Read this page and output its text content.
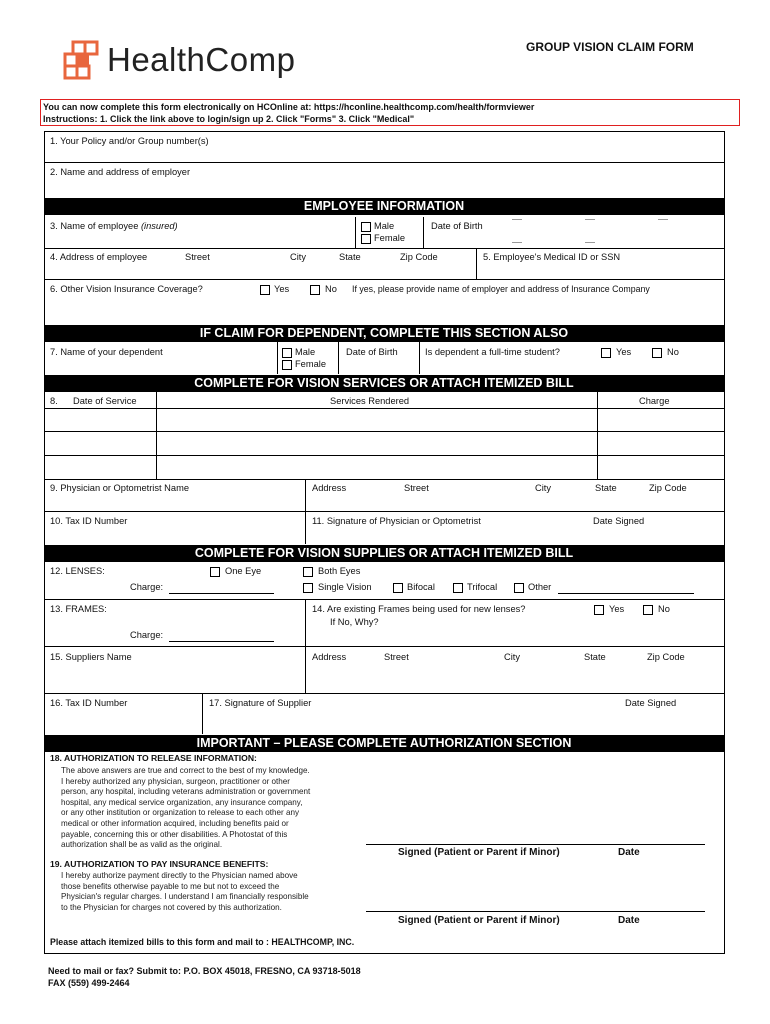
HealthComp	GROUP VISION CLAIM FORM
You can now complete this form electronically on HCOnline at: https://hconline.healthcomp.com/health/formviewer
Instructions: 1. Click the link above to login/sign up 2. Click "Forms" 3. Click "Medical"
1. Your Policy and/or Group number(s)
2. Name and address of employer
EMPLOYEE INFORMATION
3. Name of employee (insured)	Male
Female
Date of Birth
4. Address of employee	Street	City	State	Zip Code	5. Employee's Medical ID or SSN
6. Other Vision Insurance Coverage?	Yes	No If yes, please provide name of employer and address of Insurance Company
IF CLAIM FOR DEPENDENT, COMPLETE THIS SECTION ALSO
7. Name of your dependent	Male
Female
Date of Birth	Is dependent a full-time student?	Yes	No
COMPLETE FOR VISION SERVICES OR ATTACH ITEMIZED BILL
8. Date of Service	Services Rendered	Charge
9. Physician or Optometrist Name	Address	Street	City	State	Zip Code
10. Tax ID Number	11. Signature of Physician or Optometrist	Date Signed
COMPLETE FOR VISION SUPPLIES OR ATTACH ITEMIZED BILL
12. LENSES:	One Eye	Both Eyes
Charge:	Single Vision	Bifocal	Trifocal	Other
13. FRAMES:	14. Are existing Frames being used for new lenses?	Yes	No
If No, Why?
Charge:
15. Suppliers Name	Address	Street	City	State	Zip Code
16. Tax ID Number	17. Signature of Supplier	Date Signed
IMPORTANT – PLEASE COMPLETE AUTHORIZATION SECTION
18. AUTHORIZATION TO RELEASE INFORMATION:
The above answers are true and correct to the best of my knowledge.
I hereby authorized any physician, surgeon, practitioner or other
person, any hospital, including veterans administration or government
hospital, any medical service organization, any insurance company,
or any other institution or organization to release to each other any
medical or other information acquired, including benefits paid or
payable, concerning this or other disabilities. A Photostat of this
authorization shall be as valid as the original.
Signed (Patient or Parent if Minor)	Date
19. AUTHORIZATION TO PAY INSURANCE BENEFITS:
I hereby authorize payment directly to the Physician named above
those benefits otherwise payable to me but not to exceed the
Physician's regular charges. I understand I am financially responsible
to the Physician for charges not covered by this authorization.
Signed (Patient or Parent if Minor)	Date
Please attach itemized bills to this form and mail to : HEALTHCOMP, INC.
Need to mail or fax? Submit to: P.O. BOX 45018, FRESNO, CA 93718-5018
FAX (559) 499-2464
